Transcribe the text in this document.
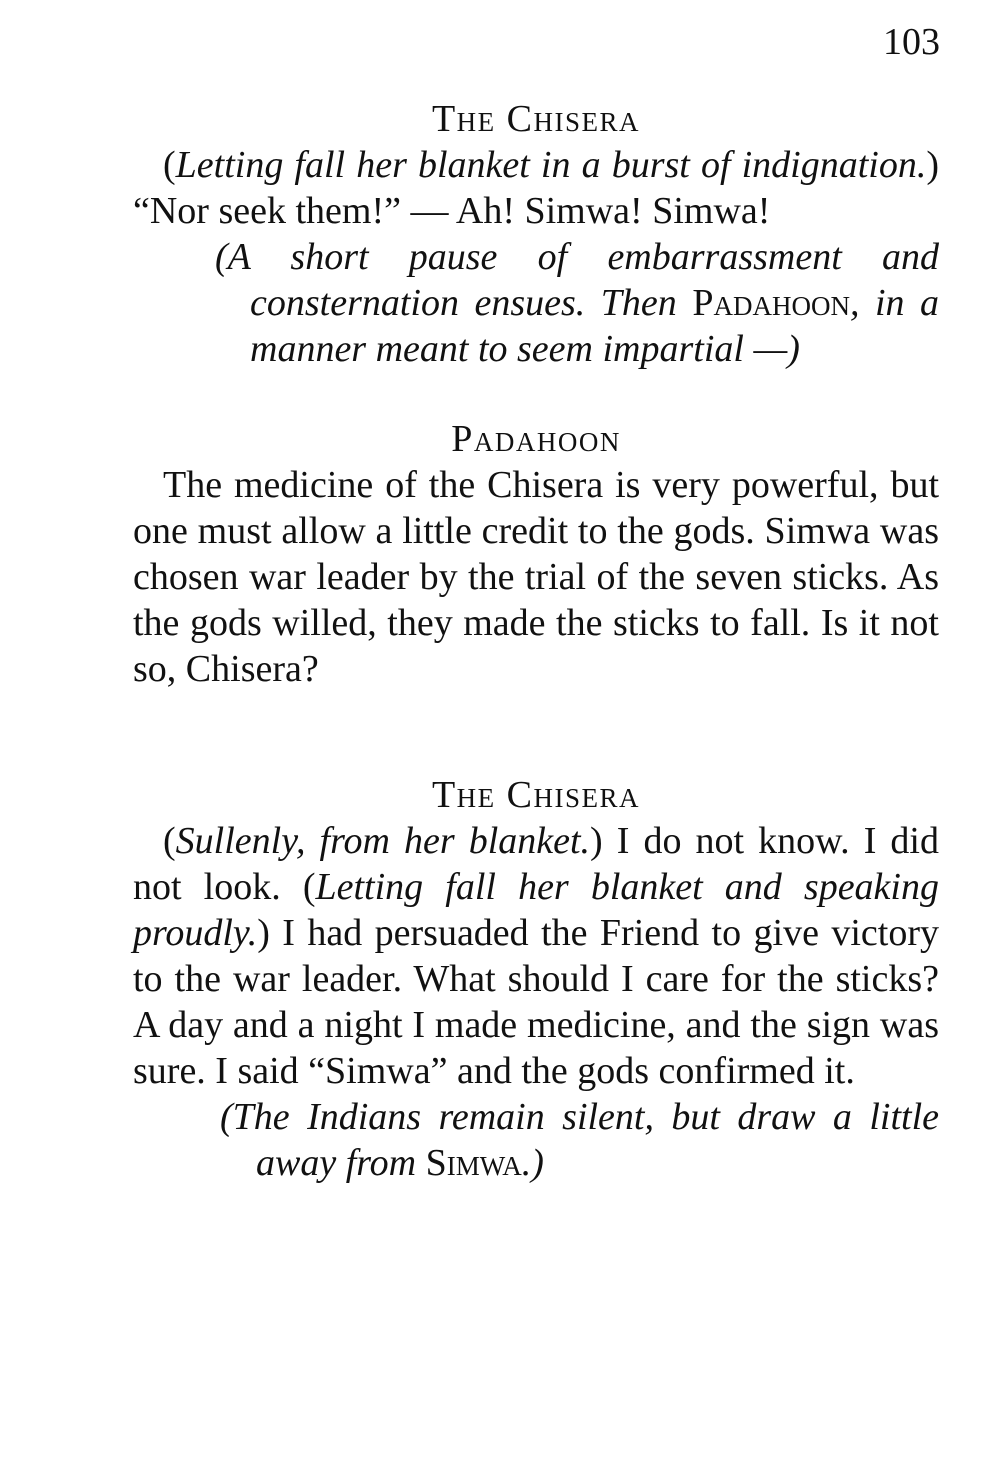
103

The Chisera

(Letting fall her blanket in a burst of indignation.) “Nor seek them!” — Ah! Simwa! Simwa!

(A short pause of embarrassment and consternation ensues. Then Padahoon, in a manner meant to seem impartial —)

Padahoon

The medicine of the Chisera is very powerful, but one must allow a little credit to the gods. Simwa was chosen war leader by the trial of the seven sticks. As the gods willed, they made the sticks to fall. Is it not so, Chisera?

The Chisera

(Sullenly, from her blanket.) I do not know. I did not look. (Letting fall her blanket and speaking proudly.) I had persuaded the Friend to give victory to the war leader. What should I care for the sticks? A day and a night I made medicine, and the sign was sure. I said “Simwa” and the gods confirmed it.

(The Indians remain silent, but draw a little away from Simwa.)
